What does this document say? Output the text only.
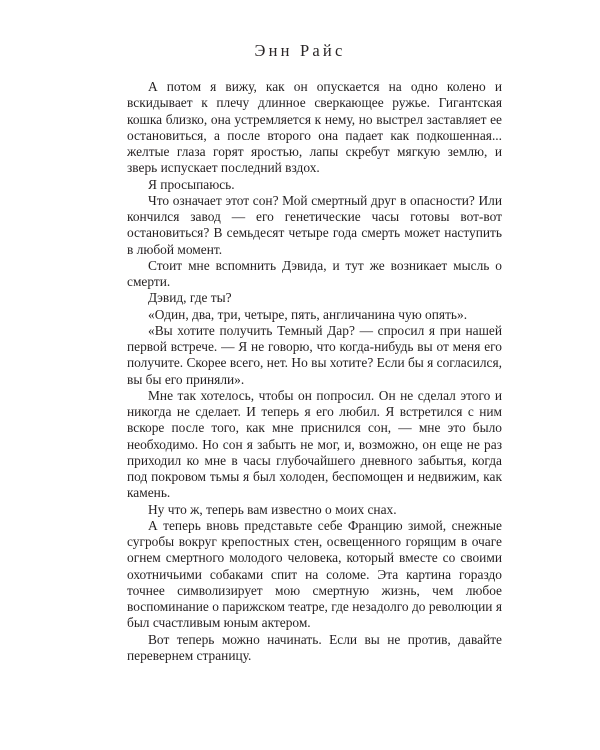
Энн Райс

А потом я вижу, как он опускается на одно колено и вскидывает к плечу длинное сверкающее ружье. Гигантская кошка близко, она устремляется к нему, но выстрел заставляет ее остановиться, а после второго она падает как подкошенная... желтые глаза горят яростью, лапы скребут мягкую землю, и зверь испускает последний вздох.

Я просыпаюсь.

Что означает этот сон? Мой смертный друг в опасности? Или кончился завод — его генетические часы готовы вот-вот остановиться? В семьдесят четыре года смерть может наступить в любой момент.

Стоит мне вспомнить Дэвида, и тут же возникает мысль о смерти.

Дэвид, где ты?

«Один, два, три, четыре, пять, англичанина чую опять».

«Вы хотите получить Темный Дар? — спросил я при нашей первой встрече. — Я не говорю, что когда-нибудь вы от меня его получите. Скорее всего, нет. Но вы хотите? Если бы я согласился, вы бы его приняли».

Мне так хотелось, чтобы он попросил. Он не сделал этого и никогда не сделает. И теперь я его любил. Я встретился с ним вскоре после того, как мне приснился сон, — мне это было необходимо. Но сон я забыть не мог, и, возможно, он еще не раз приходил ко мне в часы глубочайшего дневного забытья, когда под покровом тьмы я был холоден, беспомощен и недвижим, как камень.

Ну что ж, теперь вам известно о моих снах.

А теперь вновь представьте себе Францию зимой, снежные сугробы вокруг крепостных стен, освещенного горящим в очаге огнем смертного молодого человека, который вместе со своими охотничьими собаками спит на соломе. Эта картина гораздо точнее символизирует мою смертную жизнь, чем любое воспоминание о парижском театре, где незадолго до революции я был счастливым юным актером.

Вот теперь можно начинать. Если вы не против, давайте перевернем страницу.
